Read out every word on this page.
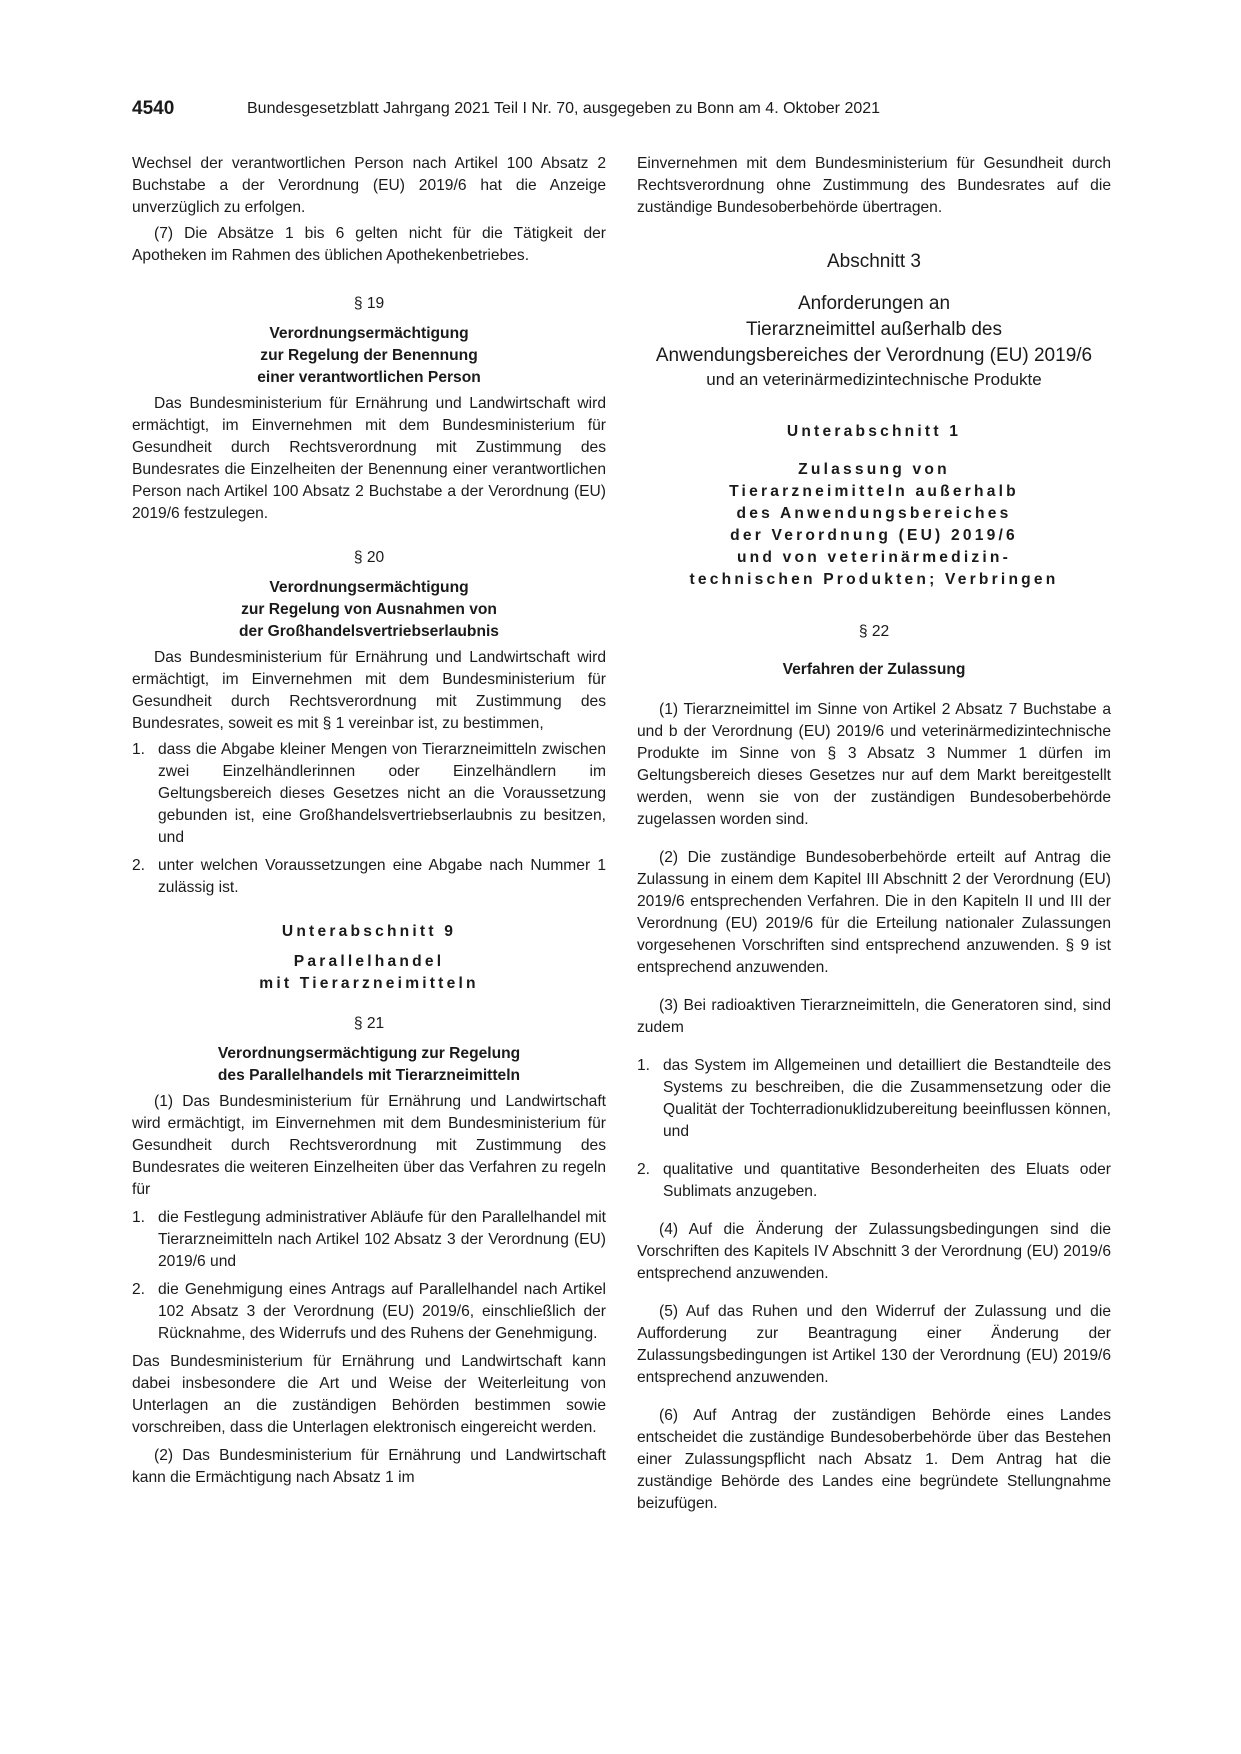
4540	Bundesgesetzblatt Jahrgang 2021 Teil I Nr. 70, ausgegeben zu Bonn am 4. Oktober 2021

Wechsel der verantwortlichen Person nach Artikel 100 Absatz 2 Buchstabe a der Verordnung (EU) 2019/6 hat die Anzeige unverzüglich zu erfolgen.

(7) Die Absätze 1 bis 6 gelten nicht für die Tätigkeit der Apotheken im Rahmen des üblichen Apothekenbetriebes.

§ 19
Verordnungsermächtigung
zur Regelung der Benennung
einer verantwortlichen Person

Das Bundesministerium für Ernährung und Landwirtschaft wird ermächtigt, im Einvernehmen mit dem Bundesministerium für Gesundheit durch Rechtsverordnung mit Zustimmung des Bundesrates die Einzelheiten der Benennung einer verantwortlichen Person nach Artikel 100 Absatz 2 Buchstabe a der Verordnung (EU) 2019/6 festzulegen.

§ 20
Verordnungsermächtigung
zur Regelung von Ausnahmen von
der Großhandelsvertriebserlaubnis

Das Bundesministerium für Ernährung und Landwirtschaft wird ermächtigt, im Einvernehmen mit dem Bundesministerium für Gesundheit durch Rechtsverordnung mit Zustimmung des Bundesrates, soweit es mit § 1 vereinbar ist, zu bestimmen,

1. dass die Abgabe kleiner Mengen von Tierarzneimitteln zwischen zwei Einzelhändlerinnen oder Einzelhändlern im Geltungsbereich dieses Gesetzes nicht an die Voraussetzung gebunden ist, eine Großhandelsvertriebserlaubnis zu besitzen, und
2. unter welchen Voraussetzungen eine Abgabe nach Nummer 1 zulässig ist.
Unterabschnitt 9
Parallelhandel
mit Tierarzneimitteln
§ 21
Verordnungsermächtigung zur Regelung
des Parallelhandels mit Tierarzneimitteln

(1) Das Bundesministerium für Ernährung und Landwirtschaft wird ermächtigt, im Einvernehmen mit dem Bundesministerium für Gesundheit durch Rechtsverordnung mit Zustimmung des Bundesrates die weiteren Einzelheiten über das Verfahren zu regeln für

1. die Festlegung administrativer Abläufe für den Parallelhandel mit Tierarzneimitteln nach Artikel 102 Absatz 3 der Verordnung (EU) 2019/6 und
2. die Genehmigung eines Antrags auf Parallelhandel nach Artikel 102 Absatz 3 der Verordnung (EU) 2019/6, einschließlich der Rücknahme, des Widerrufs und des Ruhens der Genehmigung.

Das Bundesministerium für Ernährung und Landwirtschaft kann dabei insbesondere die Art und Weise der Weiterleitung von Unterlagen an die zuständigen Behörden bestimmen sowie vorschreiben, dass die Unterlagen elektronisch eingereicht werden.

(2) Das Bundesministerium für Ernährung und Landwirtschaft kann die Ermächtigung nach Absatz 1 im

Einvernehmen mit dem Bundesministerium für Gesundheit durch Rechtsverordnung ohne Zustimmung des Bundesrates auf die zuständige Bundesoberbehörde übertragen.

Abschnitt 3
Anforderungen an
Tierarzneimittel außerhalb des
Anwendungsbereiches der Verordnung (EU) 2019/6
und an veterinärmedizintechnische Produkte
Unterabschnitt 1
Zulassung von
Tierarzneimitteln außerhalb
des Anwendungsbereiches
der Verordnung (EU) 2019/6
und von veterinärmedizin-
technischen Produkten; Verbringen
§ 22
Verfahren der Zulassung

(1) Tierarzneimittel im Sinne von Artikel 2 Absatz 7 Buchstabe a und b der Verordnung (EU) 2019/6 und veterinärmedizintechnische Produkte im Sinne von § 3 Absatz 3 Nummer 1 dürfen im Geltungsbereich dieses Gesetzes nur auf dem Markt bereitgestellt werden, wenn sie von der zuständigen Bundesoberbehörde zugelassen worden sind.

(2) Die zuständige Bundesoberbehörde erteilt auf Antrag die Zulassung in einem dem Kapitel III Abschnitt 2 der Verordnung (EU) 2019/6 entsprechenden Verfahren. Die in den Kapiteln II und III der Verordnung (EU) 2019/6 für die Erteilung nationaler Zulassungen vorgesehenen Vorschriften sind entsprechend anzuwenden. § 9 ist entsprechend anzuwenden.

(3) Bei radioaktiven Tierarzneimitteln, die Generatoren sind, sind zudem

1. das System im Allgemeinen und detailliert die Bestandteile des Systems zu beschreiben, die die Zusammensetzung oder die Qualität der Tochterradionuklidzubereitung beeinflussen können, und
2. qualitative und quantitative Besonderheiten des Eluats oder Sublimats anzugeben.

(4) Auf die Änderung der Zulassungsbedingungen sind die Vorschriften des Kapitels IV Abschnitt 3 der Verordnung (EU) 2019/6 entsprechend anzuwenden.

(5) Auf das Ruhen und den Widerruf der Zulassung und die Aufforderung zur Beantragung einer Änderung der Zulassungsbedingungen ist Artikel 130 der Verordnung (EU) 2019/6 entsprechend anzuwenden.

(6) Auf Antrag der zuständigen Behörde eines Landes entscheidet die zuständige Bundesoberbehörde über das Bestehen einer Zulassungspflicht nach Absatz 1. Dem Antrag hat die zuständige Behörde des Landes eine begründete Stellungnahme beizufügen.
